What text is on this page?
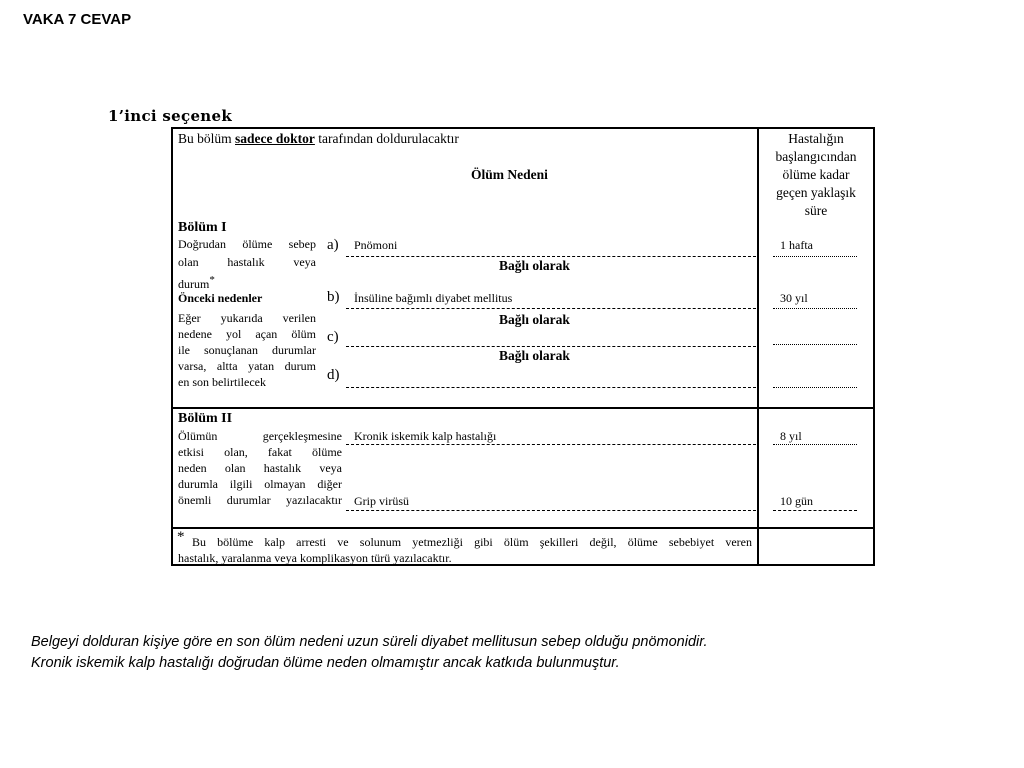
VAKA 7 CEVAP
1’inci seçenek
Bu bölüm sadece doktor tarafından doldurulacaktır
Ölüm Nedeni
Hastalığın
başlangıcından
ölüme kadar
geçen yaklaşık
süre
Bölüm I
Doğrudan ölüme sebep
olan hastalık veya
durum*
Önceki nedenler
Eğer yukarıda verilen
nedene yol açan ölüm
ile sonuçlanan durumlar
varsa, altta yatan durum
en son belirtilecek
a)
b)
c)
d)
Pnömoni
İnsüline bağımlı diyabet mellitus
Bağlı olarak
Bağlı olarak
Bağlı olarak
1 hafta
30 yıl
Bölüm II
Ölümün gerçekleşmesine
etkisi olan, fakat ölüme
neden olan hastalık veya
durumla ilgili olmayan diğer
önemli durumlar yazılacaktır
Kronik iskemik kalp hastalığı
Grip virüsü
8 yıl
10 gün
* Bu bölüme kalp arresti ve solunum yetmezliği gibi ölüm şekilleri değil, ölüme sebebiyet veren
hastalık, yaralanma veya komplikasyon türü yazılacaktır.
Belgeyi dolduran kişiye göre en son ölüm nedeni uzun süreli diyabet mellitusun sebep olduğu pnömonidir.
Kronik iskemik kalp hastalığı doğrudan ölüme neden olmamıştır ancak katkıda bulunmuştur.
